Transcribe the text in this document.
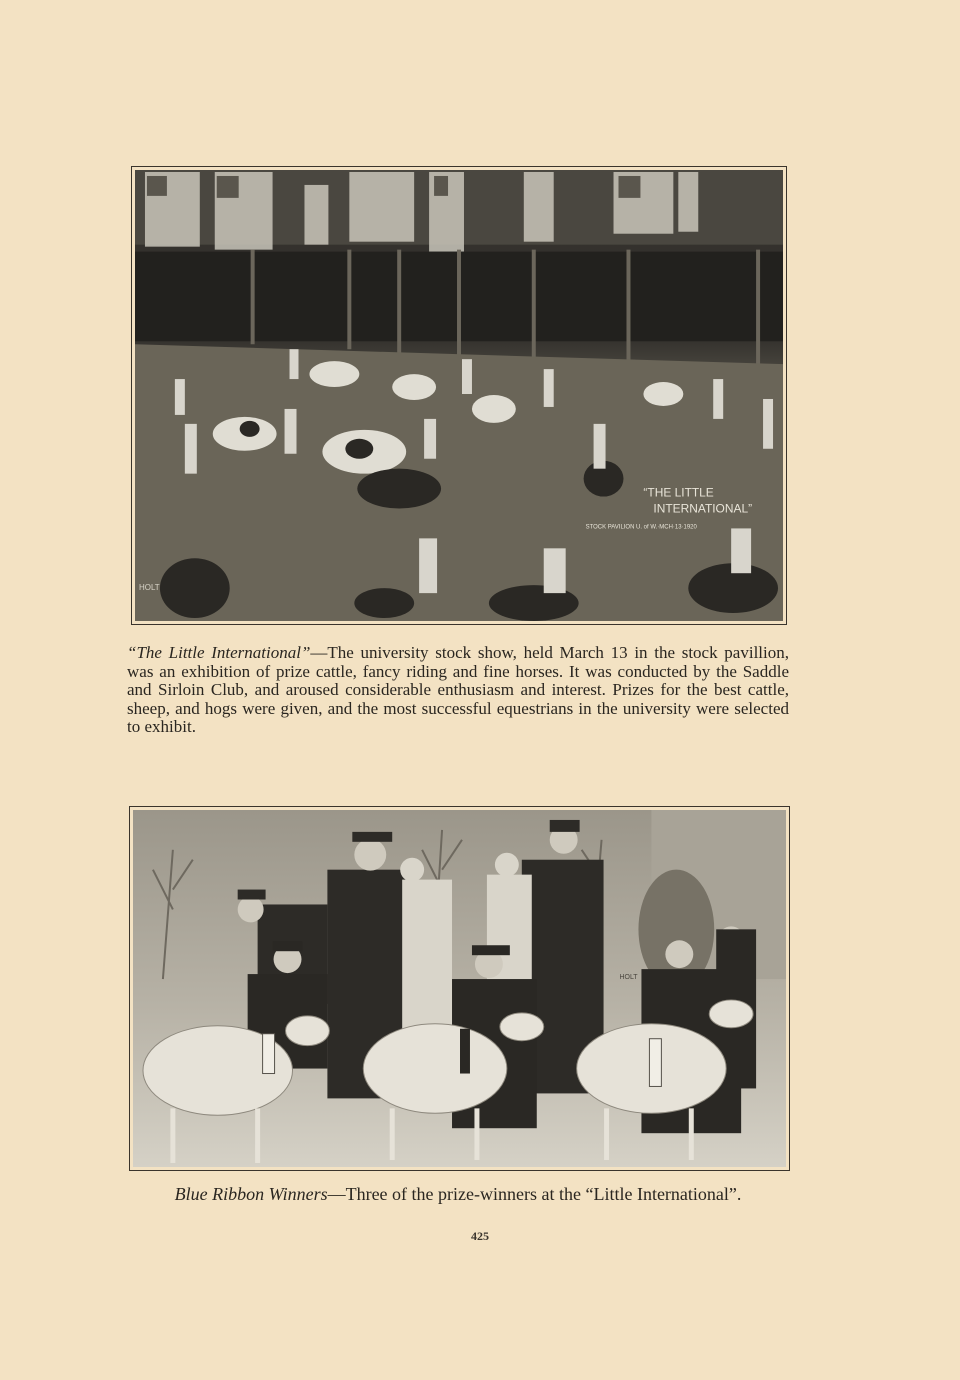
“THE LITTLE
INTERNATIONAL”
STOCK PAVILION U. of W.·MCH·13·1920
HOLT
“The Little International”—The university stock show, held March 13 in the stock pavillion, was an exhibition of prize cattle, fancy riding and fine horses. It was conducted by the Saddle and Sirloin Club, and aroused considerable enthusiasm and interest. Prizes for the best cattle, sheep, and hogs were given, and the most successful equestrians in the university were selected to exhibit.
HOLT
Blue Ribbon Winners—Three of the prize-winners at the “Little International”.
425
